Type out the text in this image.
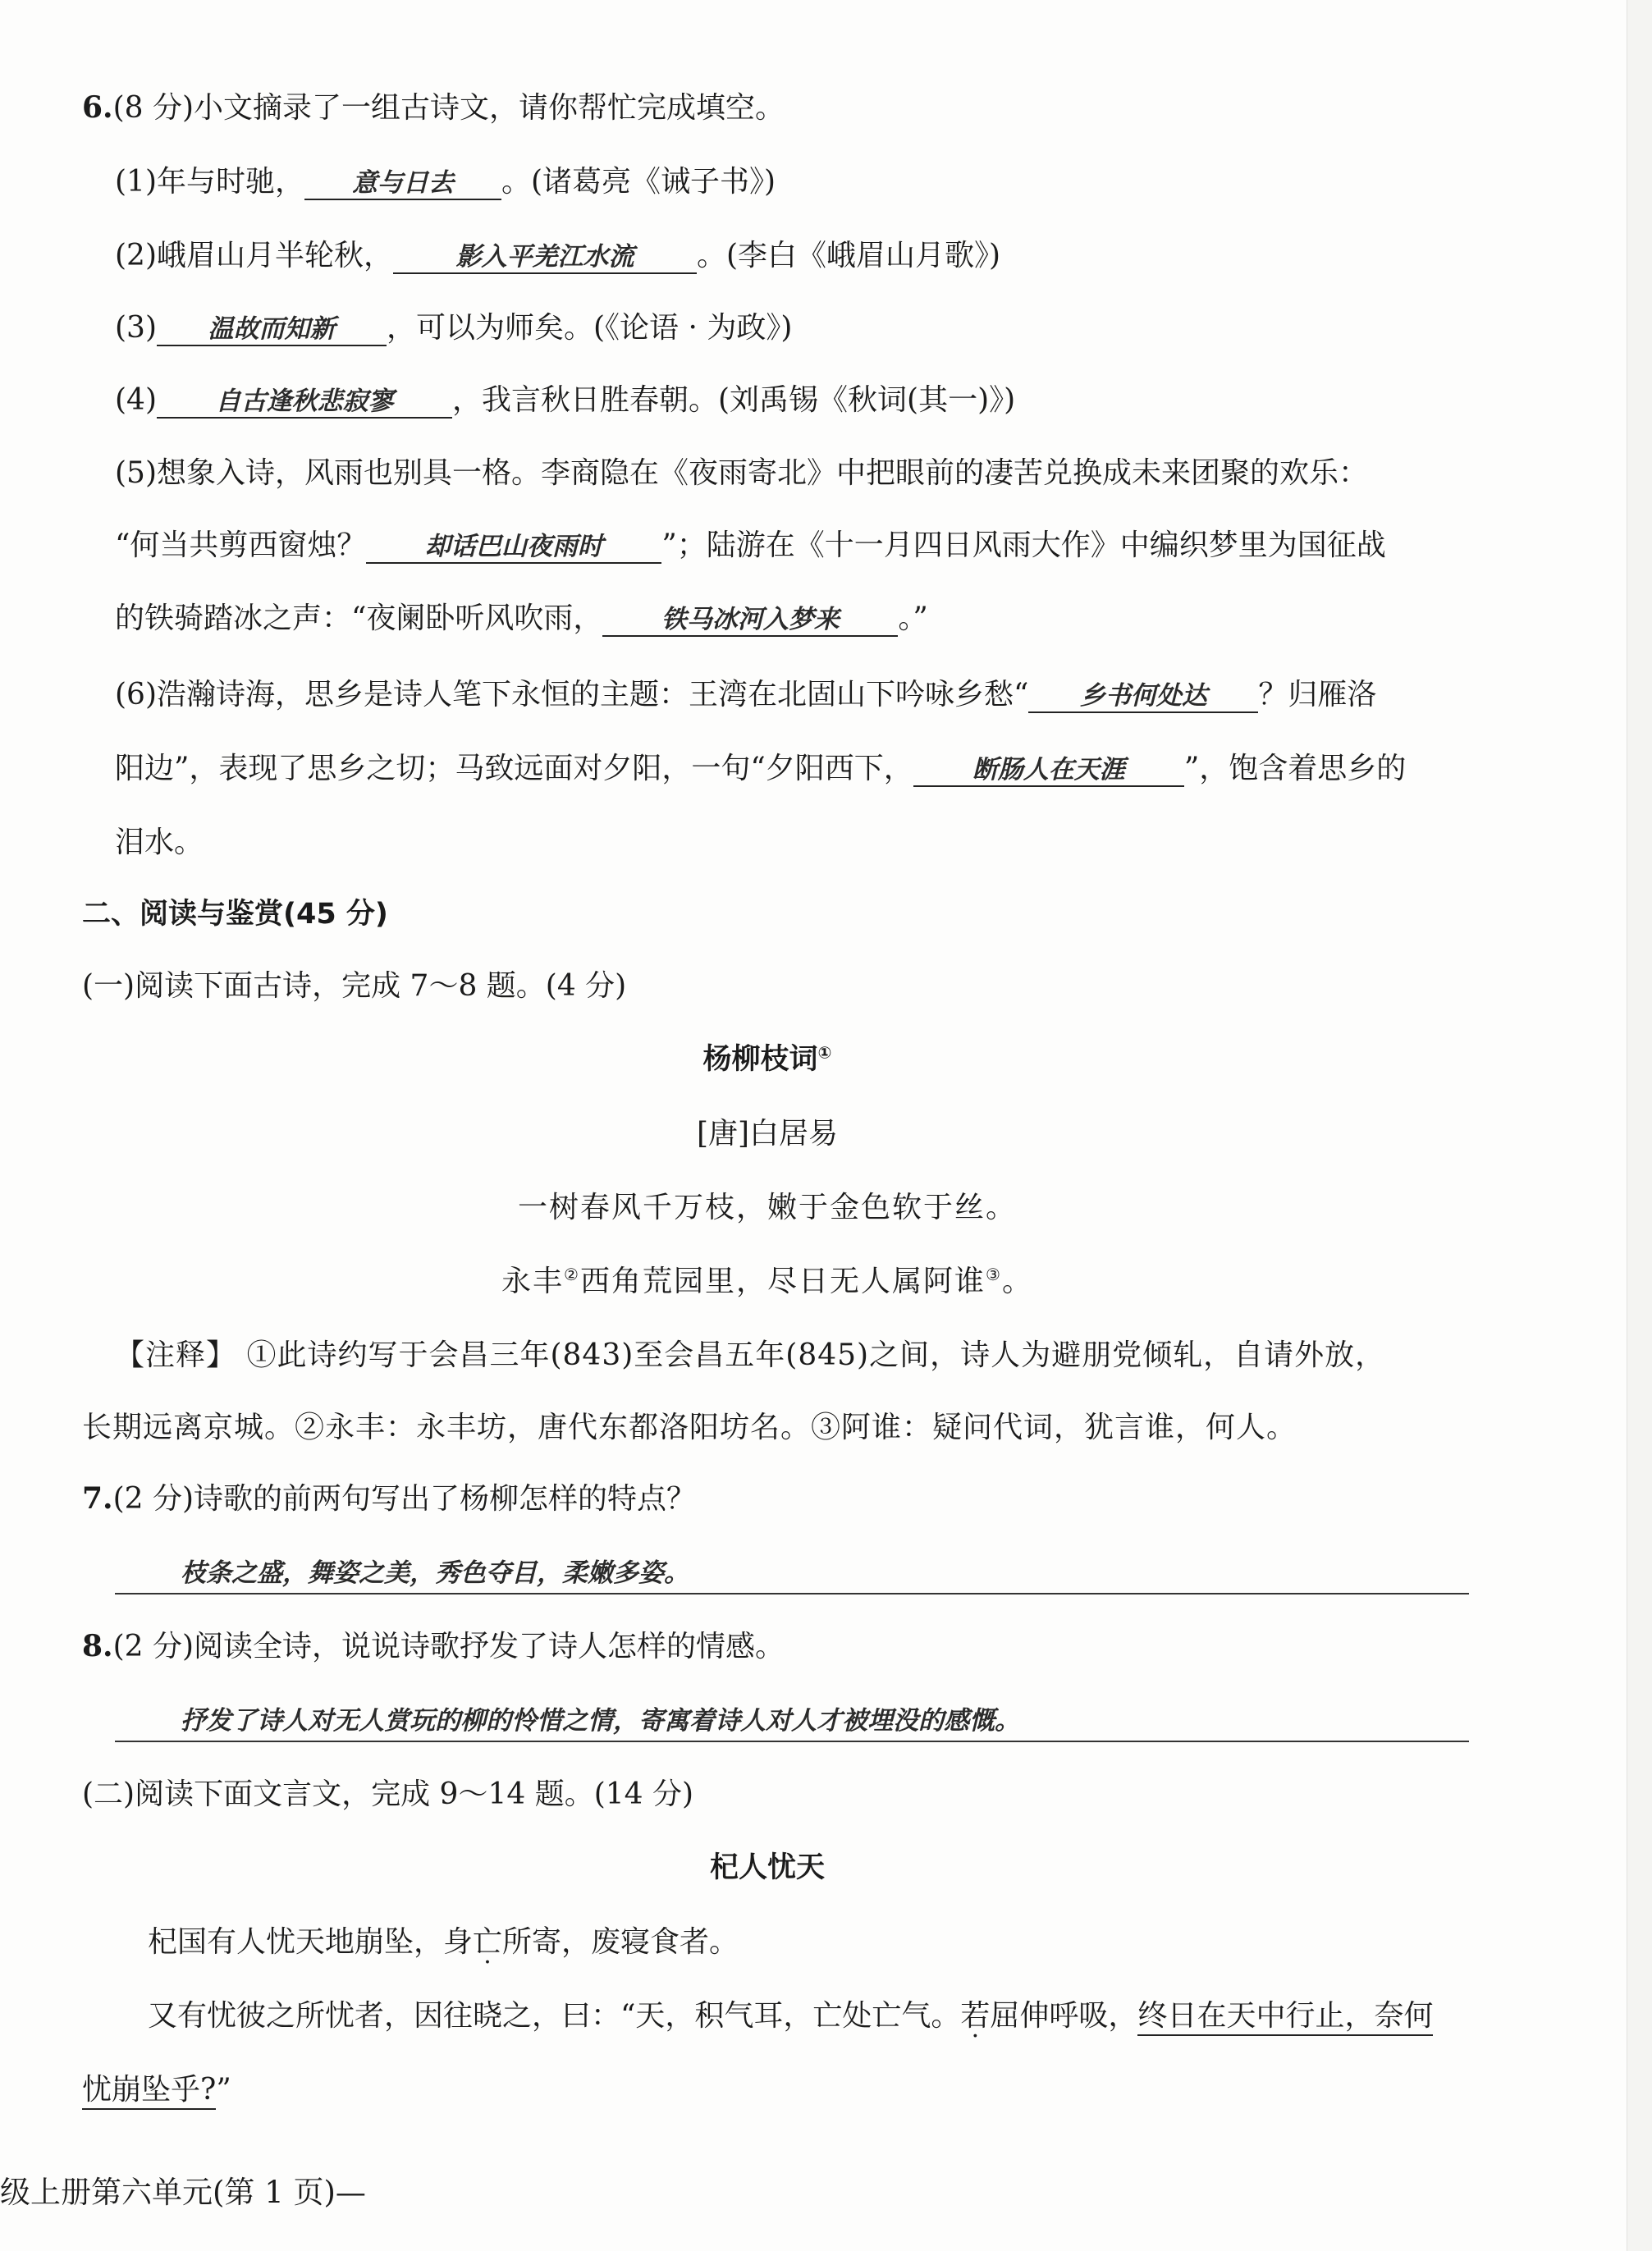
6.(8 分)小文摘录了一组古诗文，请你帮忙完成填空。
(1)年与时驰， 意与日去 。(诸葛亮《诫子书》)
(2)峨眉山月半轮秋， 影入平羌江水流 。(李白《峨眉山月歌》)
(3) 温故而知新 ，可以为师矣。(《论语 · 为政》)
(4) 自古逢秋悲寂寥 ，我言秋日胜春朝。(刘禹锡《秋词(其一)》)
(5)想象入诗，风雨也别具一格。李商隐在《夜雨寄北》中把眼前的凄苦兑换成未来团聚的欢乐：
“何当共剪西窗烛？ 却话巴山夜雨时 ”；陆游在《十一月四日风雨大作》中编织梦里为国征战
的铁骑踏冰之声：“夜阑卧听风吹雨， 铁马冰河入梦来 。”
(6)浩瀚诗海，思乡是诗人笔下永恒的主题：王湾在北固山下吟咏乡愁“ 乡书何处达 ？归雁洛
阳边”，表现了思乡之切；马致远面对夕阳，一句“夕阳西下， 断肠人在天涯 ”，饱含着思乡的
泪水。
二、阅读与鉴赏(45 分)
(一)阅读下面古诗，完成 7～8 题。(4 分)
杨柳枝词①
[唐]白居易
一树春风千万枝，嫩于金色软于丝。
永丰②西角荒园里，尽日无人属阿谁③。
【注释】 ①此诗约写于会昌三年(843)至会昌五年(845)之间，诗人为避朋党倾轧，自请外放，
长期远离京城。②永丰：永丰坊，唐代东都洛阳坊名。③阿谁：疑问代词，犹言谁，何人。
7.(2 分)诗歌的前两句写出了杨柳怎样的特点？
枝条之盛，舞姿之美，秀色夺目，柔嫩多姿。
8.(2 分)阅读全诗，说说诗歌抒发了诗人怎样的情感。
抒发了诗人对无人赏玩的柳的怜惜之情，寄寓着诗人对人才被埋没的感慨。
(二)阅读下面文言文，完成 9～14 题。(14 分)
杞人忧天
杞国有人忧天地崩坠，身亡所寄，废寝食者。
又有忧彼之所忧者，因往晓之，曰：“天，积气耳，亡处亡气。若屈伸呼吸，终日在天中行止，奈何
忧崩坠乎?”
级上册第六单元(第 1 页)—
